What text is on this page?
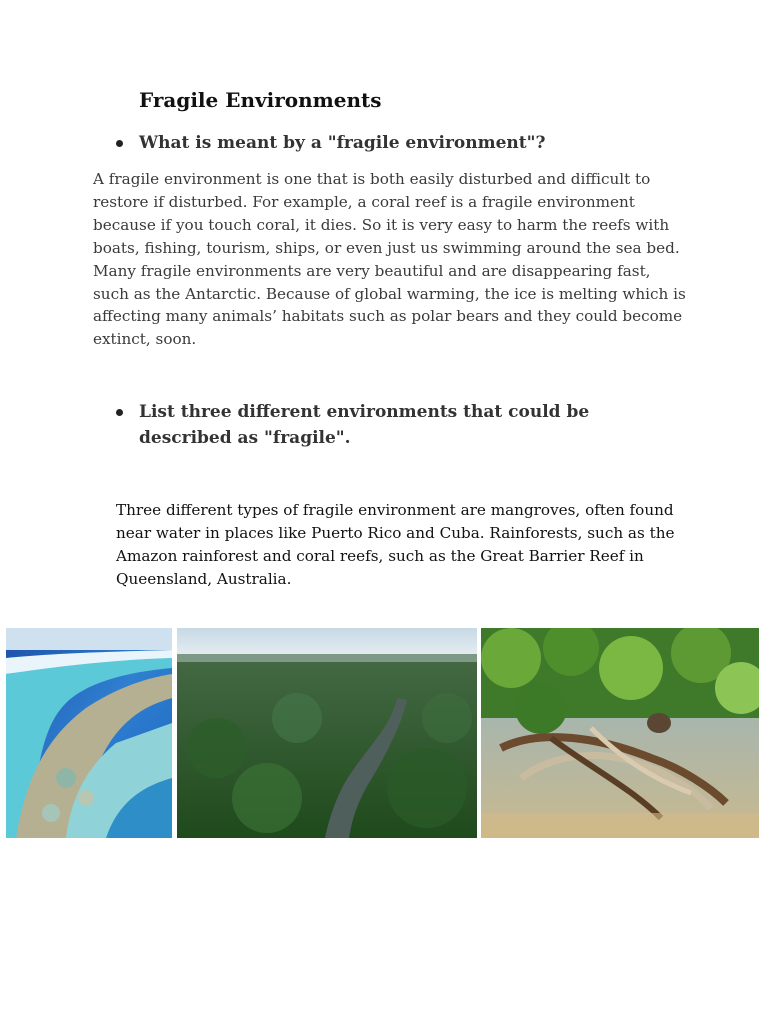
Fragile Environments

What is meant by a "fragile environment"?

A fragile environment is one that is both easily disturbed and difficult to restore if disturbed. For example, a coral reef is a fragile environment because if you touch coral, it dies. So it is very easy to harm the reefs with boats, fishing, tourism, ships, or even just us swimming around the sea bed. Many fragile environments are very beautiful and are disappearing fast, such as the Antarctic. Because of global warming, the ice is melting which is affecting many animals’ habitats such as polar bears and they could become extinct, soon.

List three different environments that could be described as "fragile".

Three different types of fragile environment are mangroves, often found near water in places like Puerto Rico and Cuba. Rainforests, such as the Amazon rainforest and coral reefs, such as the Great Barrier Reef in Queensland, Australia.
